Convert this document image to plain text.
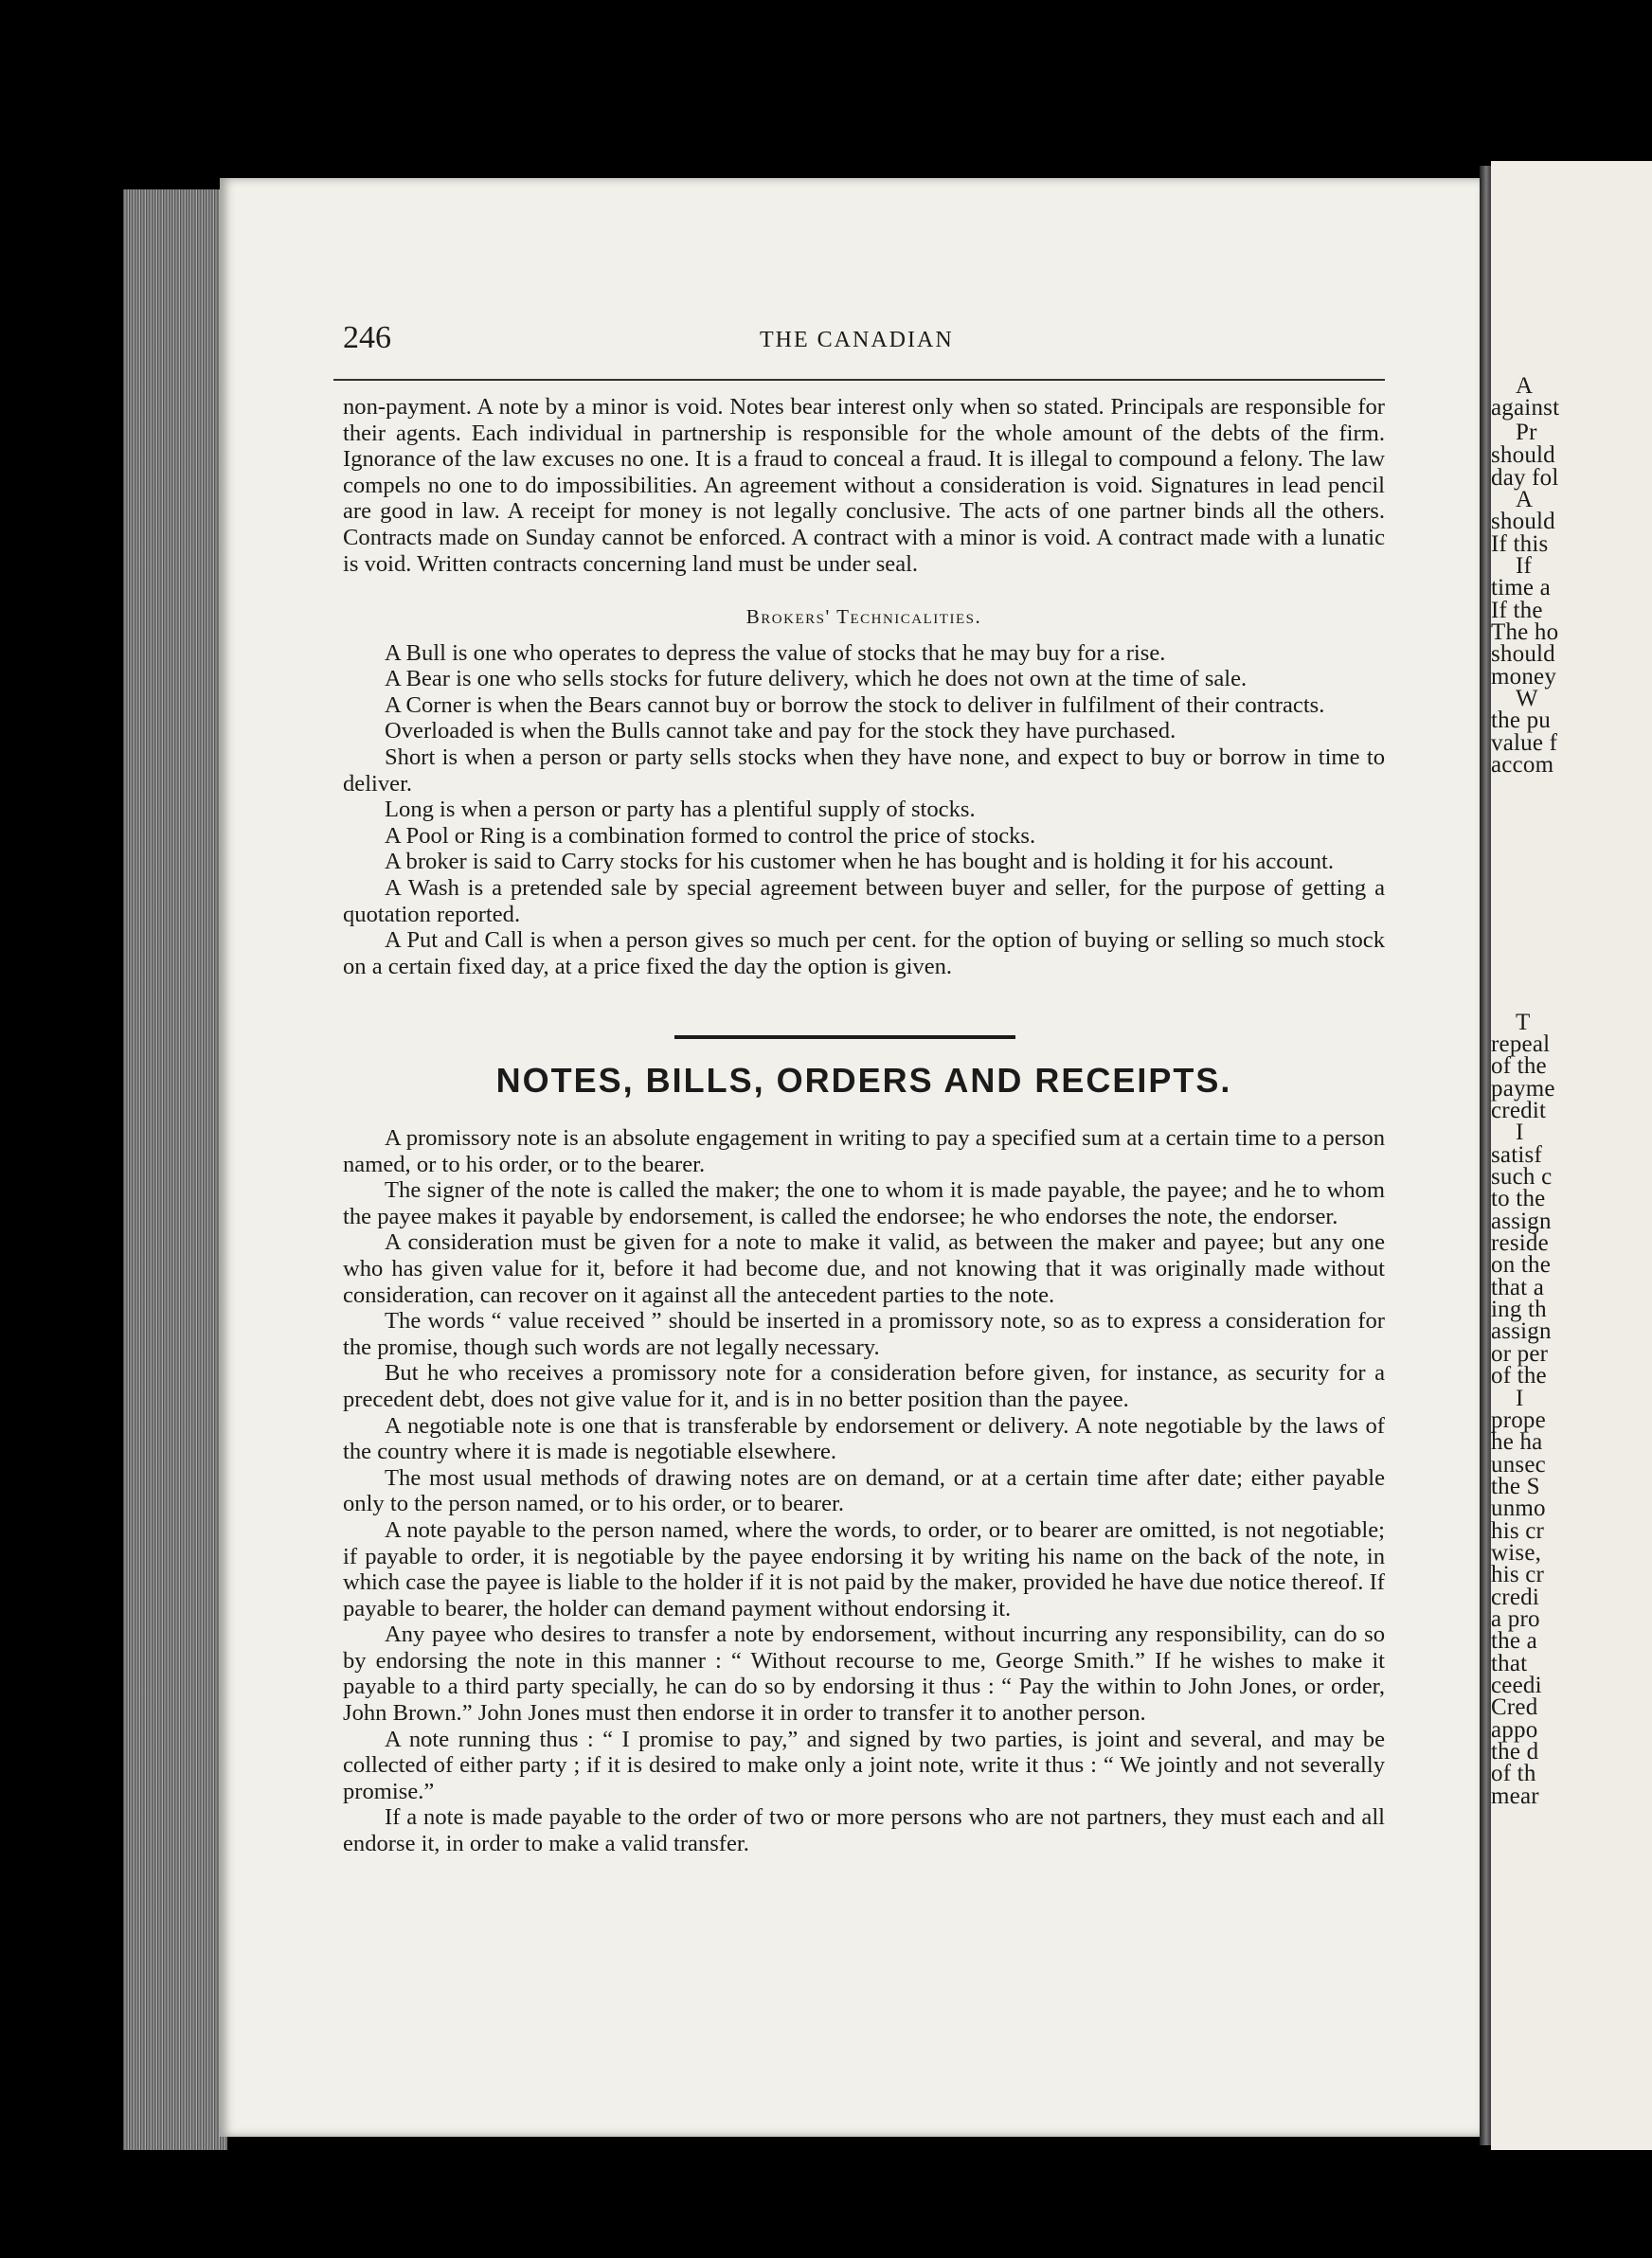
246	THE CANADIAN

non-payment. A note by a minor is void. Notes bear interest only when so stated. Principals are responsible for their agents. Each individual in partnership is responsible for the whole amount of the debts of the firm. Ignorance of the law excuses no one. It is a fraud to conceal a fraud. It is illegal to compound a felony. The law compels no one to do impossibilities. An agreement without a consideration is void. Signatures in lead pencil are good in law. A receipt for money is not legally conclusive. The acts of one partner binds all the others. Contracts made on Sunday cannot be enforced. A contract with a minor is void. A contract made with a lunatic is void. Written contracts concerning land must be under seal.

Brokers' Technicalities.

A Bull is one who operates to depress the value of stocks that he may buy for a rise.

A Bear is one who sells stocks for future delivery, which he does not own at the time of sale.

A Corner is when the Bears cannot buy or borrow the stock to deliver in fulfilment of their contracts.

Overloaded is when the Bulls cannot take and pay for the stock they have purchased.

Short is when a person or party sells stocks when they have none, and expect to buy or borrow in time to deliver.

Long is when a person or party has a plentiful supply of stocks.

A Pool or Ring is a combination formed to control the price of stocks.

A broker is said to Carry stocks for his customer when he has bought and is holding it for his account.

A Wash is a pretended sale by special agreement between buyer and seller, for the purpose of getting a quotation reported.

A Put and Call is when a person gives so much per cent. for the option of buying or selling so much stock on a certain fixed day, at a price fixed the day the option is given.

NOTES, BILLS, ORDERS AND RECEIPTS.

A promissory note is an absolute engagement in writing to pay a specified sum at a certain time to a person named, or to his order, or to the bearer.

The signer of the note is called the maker; the one to whom it is made payable, the payee; and he to whom the payee makes it payable by endorsement, is called the endorsee; he who endorses the note, the endorser.

A consideration must be given for a note to make it valid, as between the maker and payee; but any one who has given value for it, before it had become due, and not knowing that it was originally made without consideration, can recover on it against all the antecedent parties to the note.

The words “ value received ” should be inserted in a promissory note, so as to express a consideration for the promise, though such words are not legally necessary.

But he who receives a promissory note for a consideration before given, for instance, as security for a precedent debt, does not give value for it, and is in no better position than the payee.

A negotiable note is one that is transferable by endorsement or delivery. A note negotiable by the laws of the country where it is made is negotiable elsewhere.

The most usual methods of drawing notes are on demand, or at a certain time after date; either payable only to the person named, or to his order, or to bearer.

A note payable to the person named, where the words, to order, or to bearer are omitted, is not negotiable; if payable to order, it is negotiable by the payee endorsing it by writing his name on the back of the note, in which case the payee is liable to the holder if it is not paid by the maker, provided he have due notice thereof. If payable to bearer, the holder can demand payment without endorsing it.

Any payee who desires to transfer a note by endorsement, without incurring any responsibility, can do so by endorsing the note in this manner : “ Without recourse to me, George Smith.” If he wishes to make it payable to a third party specially, he can do so by endorsing it thus : “ Pay the within to John Jones, or order, John Brown.” John Jones must then endorse it in order to transfer it to another person.

A note running thus : “ I promise to pay,” and signed by two parties, is joint and several, and may be collected of either party ; if it is desired to make only a joint note, write it thus : “ We jointly and not severally promise.”

If a note is made payable to the order of two or more persons who are not partners, they must each and all endorse it, in order to make a valid transfer.

A
against
Pr
should
day fol
A
should
If this
If
time a
If the
The ho
should
money
W
the pu
value f
accom
T
repeal
of the
payme
credit
I
satisf
such c
to the
assign
reside
on the
that a
ing th
assign
or per
of the
I
prope
he ha
unsec
the S
unmo
his cr
wise,
his cr
credi
a pro
the a
that
ceedi
Cred
appo
the d
of th
mear
